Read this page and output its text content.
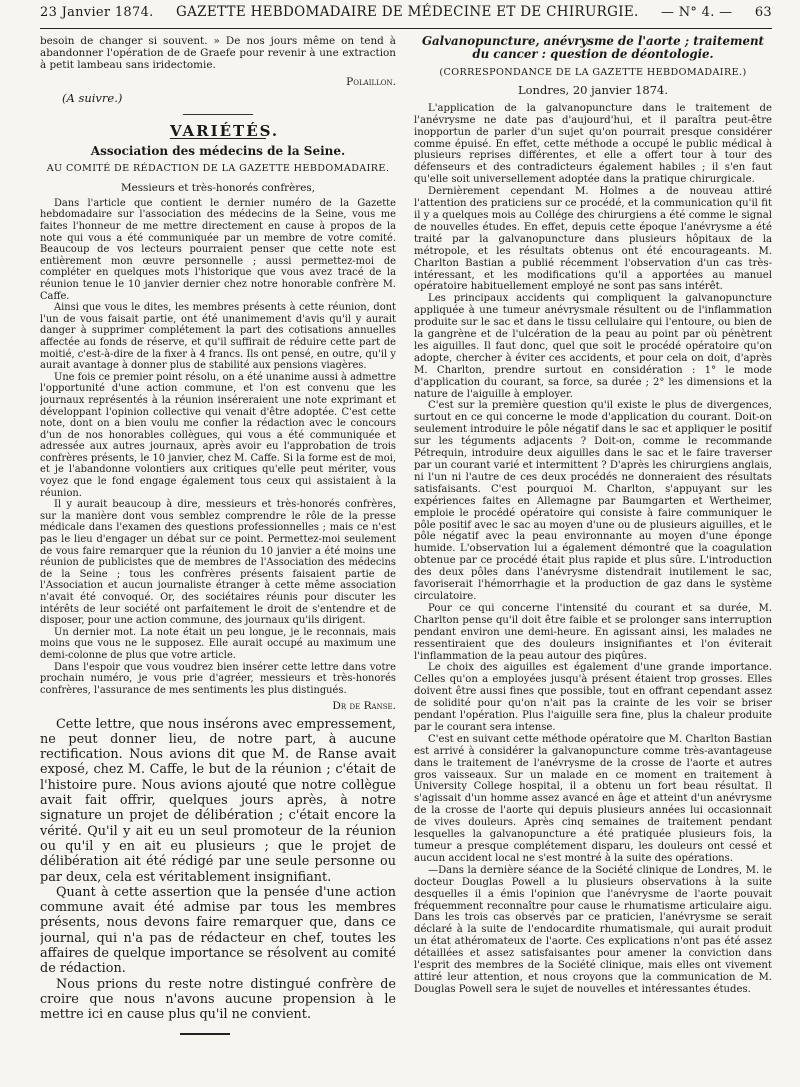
23 Janvier 1874. GAZETTE HEBDOMADAIRE DE MÉDECINE ET DE CHIRURGIE. — N° 4. — 63

besoin de changer si souvent. » De nos jours même on tend à abandonner l'opération de de Graefe pour revenir à une extraction à petit lambeau sans iridectomie.

Polaillon.
(A suivre.)
VARIÉTÉS.
Association des médecins de la Seine.
AU COMITÉ DE RÉDACTION DE LA GAZETTE HEBDOMADAIRE.
Messieurs et très-honorés confrères,

Dans l'article que contient le dernier numéro de la Gazette hebdomadaire sur l'association des médecins de la Seine, vous me faites l'honneur de me mettre directement en cause à propos de la note qui vous a été communiquée par un membre de votre comité. Beaucoup de vos lecteurs pourraient penser que cette note est entièrement mon œuvre personnelle ; aussi permettez-moi de compléter en quelques mots l'historique que vous avez tracé de la réunion tenue le 10 janvier dernier chez notre honorable confrère M. Caffe.

Ainsi que vous le dites, les membres présents à cette réunion, dont l'un de vous faisait partie, ont été unanimement d'avis qu'il y aurait danger à supprimer complétement la part des cotisations annuelles affectée au fonds de réserve, et qu'il suffirait de réduire cette part de moitié, c'est-à-dire de la fixer à 4 francs. Ils ont pensé, en outre, qu'il y aurait avantage à donner plus de stabilité aux pensions viagères.

Une fois ce premier point résolu, on a été unanime aussi à admettre l'opportunité d'une action commune, et l'on est convenu que les journaux représentés à la réunion inséreraient une note exprimant et développant l'opinion collective qui venait d'être adoptée. C'est cette note, dont on a bien voulu me confier la rédaction avec le concours d'un de nos honorables collègues, qui vous a été communiquée et adressée aux autres journaux, après avoir eu l'approbation de trois confrères présents, le 10 janvier, chez M. Caffe. Si la forme est de moi, et je l'abandonne volontiers aux critiques qu'elle peut mériter, vous voyez que le fond engage également tous ceux qui assistaient à la réunion.

Il y aurait beaucoup à dire, messieurs et très-honorés confrères, sur la manière dont vous semblez comprendre le rôle de la presse médicale dans l'examen des questions professionnelles ; mais ce n'est pas le lieu d'engager un débat sur ce point. Permettez-moi seulement de vous faire remarquer que la réunion du 10 janvier a été moins une réunion de publicistes que de membres de l'Association des médecins de la Seine ; tous les confrères présents faisaient partie de l'Association et aucun journaliste étranger à cette même association n'avait été convoqué. Or, des sociétaires réunis pour discuter les intérêts de leur société ont parfaitement le droit de s'entendre et de disposer, pour une action commune, des journaux qu'ils dirigent.

Un dernier mot. La note était un peu longue, je le reconnais, mais moins que vous ne le supposez. Elle aurait occupé au maximum une demi-colonne de plus que votre article.

Dans l'espoir que vous voudrez bien insérer cette lettre dans votre prochain numéro, je vous prie d'agréer, messieurs et très-honorés confrères, l'assurance de mes sentiments les plus distingués.

Dr de Ranse.

Cette lettre, que nous insérons avec empressement, ne peut donner lieu, de notre part, à aucune rectification. Nous avions dit que M. de Ranse avait exposé, chez M. Caffe, le but de la réunion ; c'était de l'histoire pure. Nous avions ajouté que notre collègue avait fait offrir, quelques jours après, à notre signature un projet de délibération ; c'était encore la vérité. Qu'il y ait eu un seul promoteur de la réunion ou qu'il y en ait eu plusieurs ; que le projet de délibération ait été rédigé par une seule personne ou par deux, cela est véritablement insignifiant.

Quant à cette assertion que la pensée d'une action commune avait été admise par tous les membres présents, nous devons faire remarquer que, dans ce journal, qui n'a pas de rédacteur en chef, toutes les affaires de quelque importance se résolvent au comité de rédaction.

Nous prions du reste notre distingué confrère de croire que nous n'avons aucune propension à le mettre ici en cause plus qu'il ne convient.

Galvanopuncture, anévrysme de l'aorte ; traitement du cancer : question de déontologie.
(CORRESPONDANCE DE LA GAZETTE HEBDOMADAIRE.)
Londres, 20 janvier 1874.

L'application de la galvanopuncture dans le traitement de l'anévrysme ne date pas d'aujourd'hui, et il paraîtra peut-être inopportun de parler d'un sujet qu'on pourrait presque considérer comme épuisé. En effet, cette méthode a occupé le public médical à plusieurs reprises différentes, et elle a offert tour à tour des défenseurs et des contradicteurs également habiles ; il s'en faut qu'elle soit universellement adoptée dans la pratique chirurgicale.

Dernièrement cependant M. Holmes a de nouveau attiré l'attention des praticiens sur ce procédé, et la communication qu'il fit il y a quelques mois au Collége des chirurgiens a été comme le signal de nouvelles études. En effet, depuis cette époque l'anévrysme a été traité par la galvanopuncture dans plusieurs hôpitaux de la métropole, et les résultats obtenus ont été encourageants. M. Charlton Bastian a publié récemment l'observation d'un cas très-intéressant, et les modifications qu'il a apportées au manuel opératoire habituellement employé ne sont pas sans intérêt.

Les principaux accidents qui compliquent la galvanopuncture appliquée à une tumeur anévrysmale résultent ou de l'inflammation produite sur le sac et dans le tissu cellulaire qui l'entoure, ou bien de la gangrène et de l'ulcération de la peau au point par où pénètrent les aiguilles. Il faut donc, quel que soit le procédé opératoire qu'on adopte, chercher à éviter ces accidents, et pour cela on doit, d'après M. Charlton, prendre surtout en considération : 1° le mode d'application du courant, sa force, sa durée ; 2° les dimensions et la nature de l'aiguille à employer.

C'est sur la première question qu'il existe le plus de divergences, surtout en ce qui concerne le mode d'application du courant. Doit-on seulement introduire le pôle négatif dans le sac et appliquer le positif sur les téguments adjacents ? Doit-on, comme le recommande Pétrequin, introduire deux aiguilles dans le sac et le faire traverser par un courant varié et intermittent ? D'après les chirurgiens anglais, ni l'un ni l'autre de ces deux procédés ne donneraient des résultats satisfaisants. C'est pourquoi M. Charlton, s'appuyant sur les expériences faites en Allemagne par Baumgarten et Wertheimer, emploie le procédé opératoire qui consiste à faire communiquer le pôle positif avec le sac au moyen d'une ou de plusieurs aiguilles, et le pôle négatif avec la peau environnante au moyen d'une éponge humide. L'observation lui a également démontré que la coagulation obtenue par ce procédé était plus rapide et plus sûre. L'introduction des deux pôles dans l'anévrysme distendrait inutilement le sac, favoriserait l'hémorrhagie et la production de gaz dans le système circulatoire.

Pour ce qui concerne l'intensité du courant et sa durée, M. Charlton pense qu'il doit être faible et se prolonger sans interruption pendant environ une demi-heure. En agissant ainsi, les malades ne ressentiraient que des douleurs insignifiantes et l'on éviterait l'inflammation de la peau autour des piqûres.

Le choix des aiguilles est également d'une grande importance. Celles qu'on a employées jusqu'à présent étaient trop grosses. Elles doivent être aussi fines que possible, tout en offrant cependant assez de solidité pour qu'on n'ait pas la crainte de les voir se briser pendant l'opération. Plus l'aiguille sera fine, plus la chaleur produite par le courant sera intense.

C'est en suivant cette méthode opératoire que M. Charlton Bastian est arrivé à considérer la galvanopuncture comme très-avantageuse dans le traitement de l'anévrysme de la crosse de l'aorte et autres gros vaisseaux. Sur un malade en ce moment en traitement à University College hospital, il a obtenu un fort beau résultat. Il s'agissait d'un homme assez avancé en âge et atteint d'un anévrysme de la crosse de l'aorte qui depuis plusieurs années lui occasionnait de vives douleurs. Après cinq semaines de traitement pendant lesquelles la galvanopuncture a été pratiquée plusieurs fois, la tumeur a presque complétement disparu, les douleurs ont cessé et aucun accident local ne s'est montré à la suite des opérations.

—Dans la dernière séance de la Société clinique de Londres, M. le docteur Douglas Powell a lu plusieurs observations à la suite desquelles il a émis l'opinion que l'anévrysme de l'aorte pouvait fréquemment reconnaître pour cause le rhumatisme articulaire aigu. Dans les trois cas observés par ce praticien, l'anévrysme se serait déclaré à la suite de l'endocardite rhumatismale, qui aurait produit un état athéromateux de l'aorte. Ces explications n'ont pas été assez détaillées et assez satisfaisantes pour amener la conviction dans l'esprit des membres de la Société clinique, mais elles ont vivement attiré leur attention, et nous croyons que la communication de M. Douglas Powell sera le sujet de nouvelles et intéressantes études.
